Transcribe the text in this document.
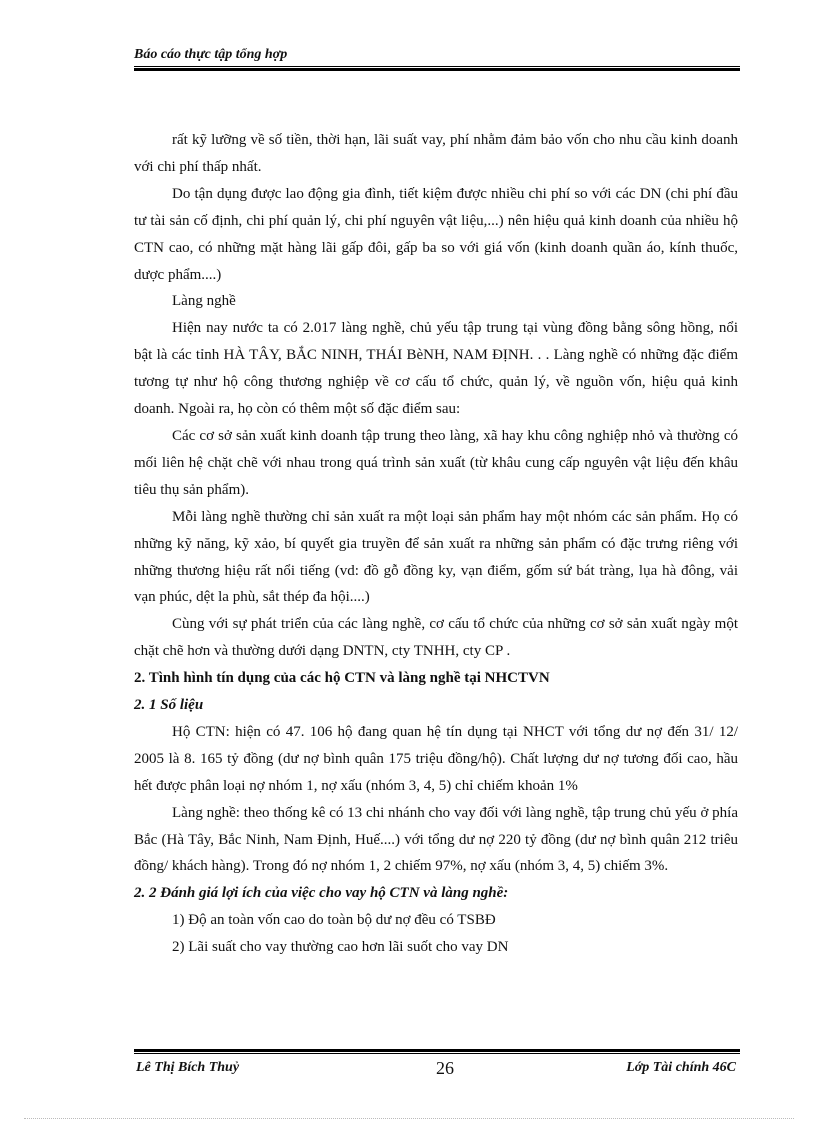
Báo cáo thực tập tổng hợp

rất kỹ lưỡng về số tiền, thời hạn, lãi suất vay, phí nhằm đảm bảo vốn cho nhu cầu kinh doanh với chi phí thấp nhất.

Do tận dụng được lao động gia đình, tiết kiệm được nhiều chi phí so với các DN (chi phí đầu tư tài sản cố định, chi phí quản lý, chi phí nguyên vật liệu,...) nên hiệu quả kinh doanh của nhiều hộ CTN cao, có những mặt hàng lãi gấp đôi, gấp ba so với giá vốn (kinh doanh quần áo, kính thuốc, dược phẩm....)

Làng nghề

Hiện nay nước ta có 2.017 làng nghề, chủ yếu tập trung tại vùng đồng bằng sông hồng, nổi bật là các tỉnh HÀ TÂY, BẮC NINH, THÁI BèNH, NAM ĐỊNH. . . Làng nghề có những đặc điểm tương tự như hộ công thương nghiệp về cơ cấu tổ chức, quản lý, về nguồn vốn, hiệu quả kinh doanh. Ngoài ra, họ còn có thêm một số đặc điểm sau:

Các cơ sở sản xuất kinh doanh tập trung theo làng, xã hay khu công nghiệp nhỏ và thường có mối liên hệ chặt chẽ với nhau trong quá trình sản xuất (từ khâu cung cấp nguyên vật liệu đến khâu tiêu thụ sản phẩm).

Mỗi làng nghề thường chỉ sản xuất ra một loại sản phẩm hay một nhóm các sản phẩm. Họ có những kỹ năng, kỹ xảo, bí quyết gia truyền để sản xuất ra những sản phẩm có đặc trưng riêng với những thương hiệu rất nổi tiếng (vd: đồ gỗ đồng ky, vạn điểm, gốm sứ bát tràng, lụa hà đông, vải vạn phúc, dệt la phù, sắt thép đa hội....)

Cùng với sự phát triển của các làng nghề, cơ cấu tổ chức của những cơ sở sản xuất ngày một chặt chẽ hơn và thường dưới dạng DNTN, cty TNHH, cty CP .

2. Tình hình tín dụng của các hộ CTN và làng nghề tại NHCTVN

2. 1 Số liệu

Hộ CTN: hiện có 47. 106 hộ đang quan hệ tín dụng tại NHCT với tổng dư nợ đến 31/ 12/ 2005 là 8. 165 tỷ đồng (dư nợ bình quân 175 triệu đồng/hộ). Chất lượng dư nợ tương đối cao, hầu hết được phân loại nợ nhóm 1, nợ xấu (nhóm 3, 4, 5) chỉ chiếm khoản 1%

Làng nghề: theo thống kê có 13 chi nhánh cho vay đối với làng nghề, tập trung chủ yếu ở phía Bắc (Hà Tây, Bắc Ninh, Nam Định, Huế....) với tổng dư nợ 220 tỷ đồng (dư nợ bình quân 212 triêu đồng/ khách hàng). Trong đó nợ nhóm 1, 2 chiếm 97%, nợ xấu (nhóm 3, 4, 5) chiếm 3%.

2. 2 Đánh giá lợi ích của việc cho vay hộ CTN và làng nghề:

1) Độ an toàn vốn cao do toàn bộ dư nợ đều có TSBĐ

2) Lãi suất cho vay thường cao hơn lãi suốt cho vay DN

Lê Thị Bích Thuỷ	26	Lớp Tài chính 46C
